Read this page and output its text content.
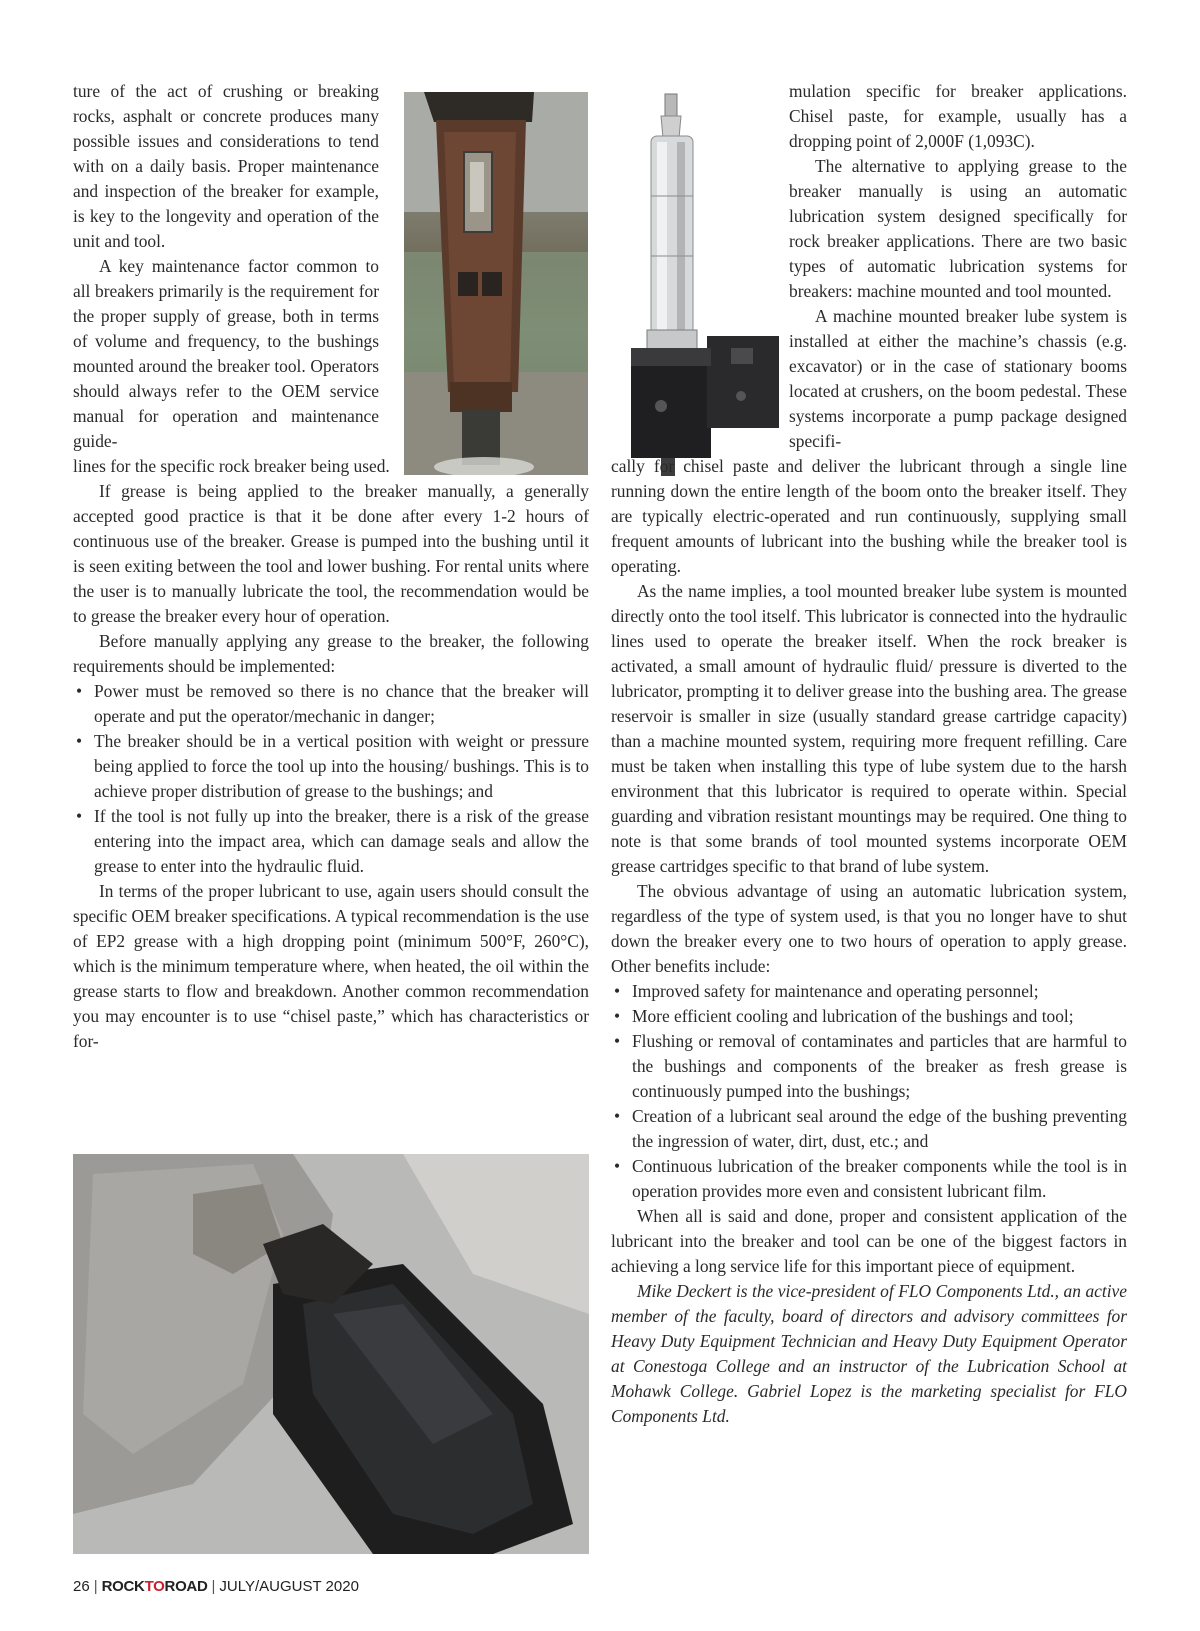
ture of the act of crushing or breaking rocks, asphalt or concrete produces many possible issues and considerations to tend with on a daily basis. Proper maintenance and inspection of the breaker for example, is key to the longevity and operation of the unit and tool.

A key maintenance factor common to all breakers primarily is the requirement for the proper supply of grease, both in terms of volume and frequency, to the bushings mounted around the breaker tool. Operators should always refer to the OEM service manual for operation and maintenance guide-

lines for the specific rock breaker being used.

If grease is being applied to the breaker manually, a generally accepted good practice is that it be done after every 1-2 hours of continuous use of the breaker. Grease is pumped into the bushing until it is seen exiting between the tool and lower bushing. For rental units where the user is to manually lubricate the tool, the recommendation would be to grease the breaker every hour of operation.

Before manually applying any grease to the breaker, the following requirements should be implemented:

• Power must be removed so there is no chance that the breaker will operate and put the operator/mechanic in danger;
• The breaker should be in a vertical position with weight or pressure being applied to force the tool up into the housing/ bushings. This is to achieve proper distribution of grease to the bushings; and
• If the tool is not fully up into the breaker, there is a risk of the grease entering into the impact area, which can damage seals and allow the grease to enter into the hydraulic fluid.

In terms of the proper lubricant to use, again users should consult the specific OEM breaker specifications. A typical recommendation is the use of EP2 grease with a high dropping point (minimum 500°F, 260°C), which is the minimum temperature where, when heated, the oil within the grease starts to flow and breakdown. Another common recommendation you may encounter is to use “chisel paste,” which has characteristics or for-

mulation specific for breaker applications. Chisel paste, for example, usually has a dropping point of 2,000F (1,093C).

The alternative to applying grease to the breaker manually is using an automatic lubrication system designed specifically for rock breaker applications. There are two basic types of automatic lubrication systems for breakers: machine mounted and tool mounted.

A machine mounted breaker lube system is installed at either the machine’s chassis (e.g. excavator) or in the case of stationary booms located at crushers, on the boom pedestal. These systems incorporate a pump package designed specifi-

cally for chisel paste and deliver the lubricant through a single line running down the entire length of the boom onto the breaker itself. They are typically electric-operated and run continuously, supplying small frequent amounts of lubricant into the bushing while the breaker tool is operating.

As the name implies, a tool mounted breaker lube system is mounted directly onto the tool itself. This lubricator is connected into the hydraulic lines used to operate the breaker itself. When the rock breaker is activated, a small amount of hydraulic fluid/ pressure is diverted to the lubricator, prompting it to deliver grease into the bushing area. The grease reservoir is smaller in size (usually standard grease cartridge capacity) than a machine mounted system, requiring more frequent refilling. Care must be taken when installing this type of lube system due to the harsh environment that this lubricator is required to operate within. Special guarding and vibration resistant mountings may be required. One thing to note is that some brands of tool mounted systems incorporate OEM grease cartridges specific to that brand of lube system.

The obvious advantage of using an automatic lubrication system, regardless of the type of system used, is that you no longer have to shut down the breaker every one to two hours of operation to apply grease. Other benefits include:

• Improved safety for maintenance and operating personnel;
• More efficient cooling and lubrication of the bushings and tool;
• Flushing or removal of contaminates and particles that are harmful to the bushings and components of the breaker as fresh grease is continuously pumped into the bushings;
• Creation of a lubricant seal around the edge of the bushing preventing the ingression of water, dirt, dust, etc.; and
• Continuous lubrication of the breaker components while the tool is in operation provides more even and consistent lubricant film.

When all is said and done, proper and consistent application of the lubricant into the breaker and tool can be one of the biggest factors in achieving a long service life for this important piece of equipment.

Mike Deckert is the vice-president of FLO Components Ltd., an active member of the faculty, board of directors and advisory committees for Heavy Duty Equipment Technician and Heavy Duty Equipment Operator at Conestoga College and an instructor of the Lubrication School at Mohawk College. Gabriel Lopez is the marketing specialist for FLO Components Ltd.

26 | ROCKTOROAD | JULY/AUGUST 2020
